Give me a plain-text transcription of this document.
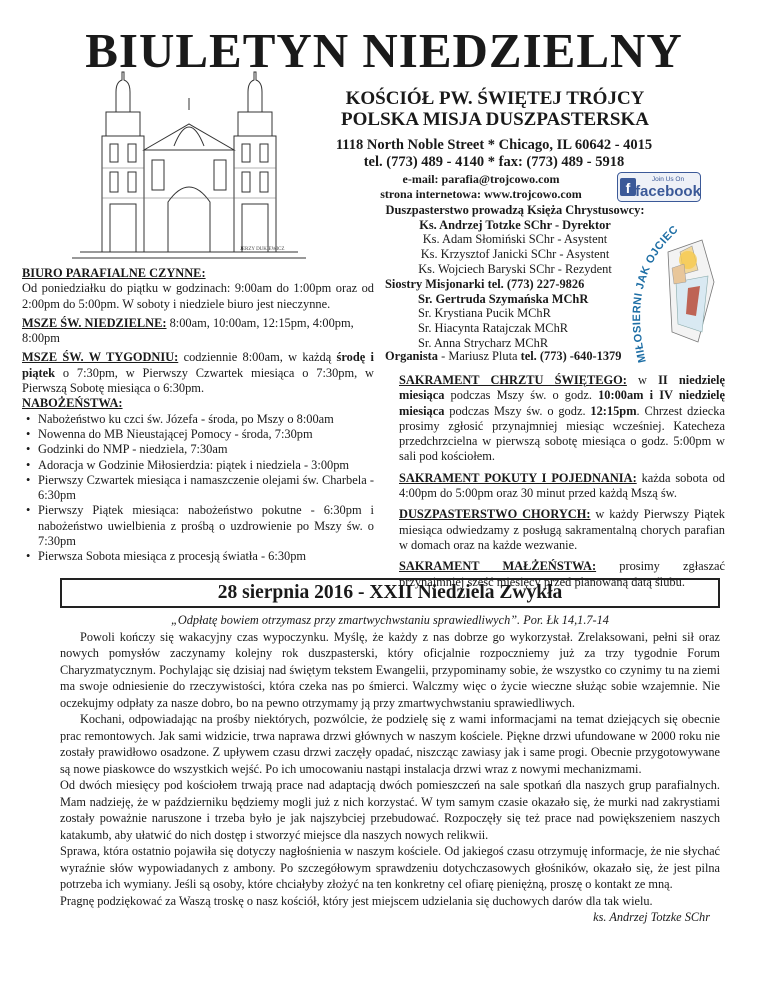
BIULETYN NIEDZIELNY
JERZY DUKIEWICZ
KOŚCIÓŁ PW. ŚWIĘTEJ TRÓJCY
POLSKA MISJA DUSZPASTERSKA
1118 North Noble Street * Chicago, IL 60642 - 4015
tel. (773) 489 - 4140 * fax: (773) 489 - 5918
e-mail: parafia@trojcowo.com
strona internetowa: www.trojcowo.com	f
Join Us On
facebook
Duszpasterstwo prowadzą Księża Chrystusowcy:
Ks. Andrzej Totzke SChr - Dyrektor
Ks. Adam Słomiński SChr - Asystent
Ks. Krzysztof Janicki SChr - Asystent
Ks. Wojciech Baryski SChr - Rezydent
Siostry Misjonarki tel. (773) 227-9826
Sr. Gertruda Szymańska MChR
Sr. Krystiana Pucik MChR
Sr. Hiacynta Ratajczak MChR
Sr. Anna Strycharz MChR
Organista - Mariusz Pluta tel. (773) -640-1379	MIŁOSIERNI JAK OJCIEC

BIURO PARAFIALNE CZYNNE:
Od poniedziałku do piątku w godzinach: 9:00am do 1:00pm oraz od 2:00pm do 5:00pm. W soboty i niedziele biuro jest nieczynne.

MSZE ŚW. NIEDZIELNE: 8:00am, 10:00am, 12:15pm, 4:00pm, 8:00pm

MSZE ŚW. W TYGODNIU: codziennie 8:00am, w każdą środę i piątek o 7:30pm, w Pierwszy Czwartek miesiąca o 7:30pm, w Pierwszą Sobotę miesiąca o 6:30pm.

NABOŻEŃSTWA:
• Nabożeństwo ku czci św. Józefa - środa, po Mszy o 8:00am
• Nowenna do MB Nieustającej Pomocy - środa, 7:30pm
• Godzinki do NMP - niedziela, 7:30am
• Adoracja w Godzinie Miłosierdzia: piątek i niedziela - 3:00pm
• Pierwszy Czwartek miesiąca i namaszczenie olejami św. Charbela - 6:30pm
• Pierwszy Piątek miesiąca: nabożeństwo pokutne - 6:30pm i nabożeństwo uwielbienia z prośbą o uzdrowienie po Mszy św. o 7:30pm
• Pierwsza Sobota miesiąca z procesją światła - 6:30pm

SAKRAMENT CHRZTU ŚWIĘTEGO: w II niedzielę miesiąca podczas Mszy św. o godz. 10:00am i IV niedzielę miesiąca podczas Mszy św. o godz. 12:15pm. Chrzest dziecka prosimy zgłosić przynajmniej miesiąc wcześniej. Katecheza przedchrzcielna w pierwszą sobotę miesiąca o godz. 5:00pm w sali pod kościołem.

SAKRAMENT POKUTY I POJEDNANIA: każda sobota od 4:00pm do 5:00pm oraz 30 minut przed każdą Mszą św.

DUSZPASTERSTWO CHORYCH: w każdy Pierwszy Piątek miesiąca odwiedzamy z posługą sakramentalną chorych parafian w domach oraz na każde wezwanie.

SAKRAMENT MAŁŻEŃSTWA: prosimy zgłaszać przynajmniej sześć miesięcy przed planowaną datą ślubu.

28 sierpnia 2016 - XXII Niedziela Zwykła

„Odpłatę bowiem otrzymasz przy zmartwychwstaniu sprawiedliwych”. Por. Łk 14,1.7-14

Powoli kończy się wakacyjny czas wypoczynku. Myślę, że każdy z nas dobrze go wykorzystał. Zrelaksowani, pełni sił oraz nowych pomysłów zaczynamy kolejny rok duszpasterski, który oficjalnie rozpoczniemy już za trzy tygodnie Forum Charyzmatycznym. Pochylając się dzisiaj nad świętym tekstem Ewangelii, przypominamy sobie, że wszystko co czynimy tu na ziemi ma swoje odniesienie do rzeczywistości, która czeka nas po śmierci. Walczmy więc o życie wieczne służąc sobie wzajemnie. Nie oczekujmy odpłaty za nasze dobro, bo na pewno otrzymamy ją przy zmartwychwstaniu sprawiedliwych.

Kochani, odpowiadając na prośby niektórych, pozwólcie, że podzielę się z wami informacjami na temat dziejących się obecnie prac remontowych. Jak sami widzicie, trwa naprawa drzwi głównych w naszym kościele. Piękne drzwi ufundowane w 2000 roku nie zostały prawidłowo osadzone. Z upływem czasu drzwi zaczęły opadać, niszcząc zawiasy jak i same progi. Obecnie przygotowywane są nowe piaskowce do wszystkich wejść. Po ich umocowaniu nastąpi instalacja drzwi wraz z nowymi mechanizmami.

Od dwóch miesięcy pod kościołem trwają prace nad adaptacją dwóch pomieszczeń na sale spotkań dla naszych grup parafialnych. Mam nadzieję, że w październiku będziemy mogli już z nich korzystać. W tym samym czasie okazało się, że murki nad zakrystiami zostały poważnie naruszone i trzeba było je jak najszybciej przebudować. Rozpoczęły się też prace nad powiększeniem naszych katakumb, aby ułatwić do nich dostęp i stworzyć miejsce dla naszych nowych relikwii.

Sprawa, która ostatnio pojawiła się dotyczy nagłośnienia w naszym kościele. Od jakiegoś czasu otrzymuję informacje, że nie słychać wyraźnie słów wypowiadanych z ambony. Po szczegółowym sprawdzeniu dotychczasowych głośników, okazało się, że jest pilna potrzeba ich wymiany. Jeśli są osoby, które chciałyby złożyć na ten konkretny cel ofiarę pieniężną, proszę o kontakt ze mną.

Pragnę podziękować za Waszą troskę o nasz kościół, który jest miejscem udzielania się duchowych darów dla tak wielu.

ks. Andrzej Totzke SChr
